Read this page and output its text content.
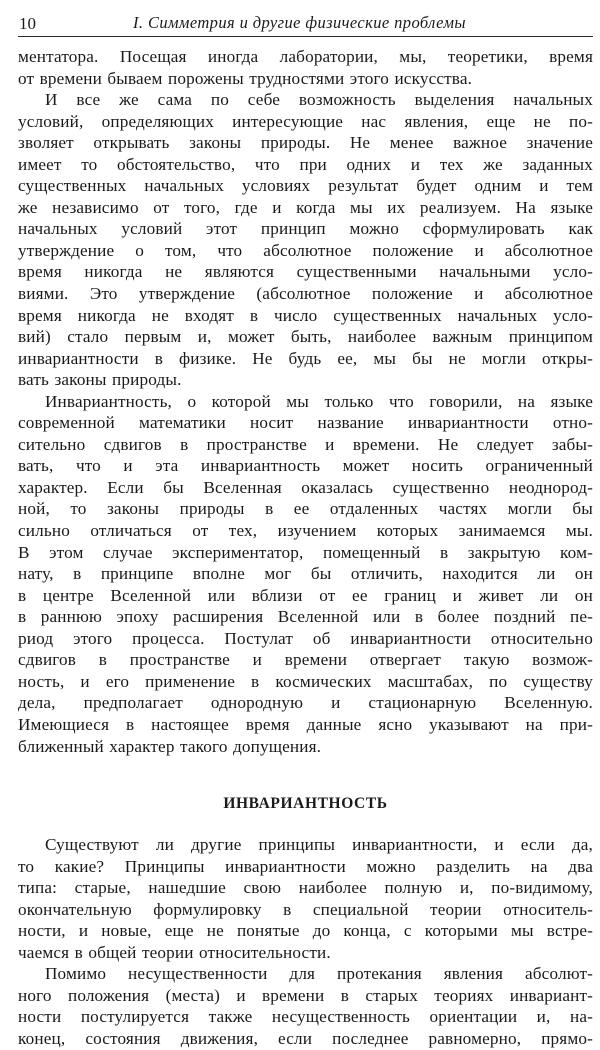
10	I. Симметрия и другие физические проблемы

ментатора. Посещая иногда лаборатории, мы, теоретики, время
от времени бываем порожены трудностями этого искусства.

И все же сама по себе возможность выделения начальных
условий, определяющих интересующие нас явления, еще не по-
зволяет открывать законы природы. Не менее важное значение
имеет то обстоятельство, что при одних и тех же заданных
существенных начальных условиях результат будет одним и тем
же независимо от того, где и когда мы их реализуем. На языке
начальных условий этот принцип можно сформулировать как
утверждение о том, что абсолютное положение и абсолютное
время никогда не являются существенными начальными усло-
виями. Это утверждение (абсолютное положение и абсолютное
время никогда не входят в число существенных начальных усло-
вий) стало первым и, может быть, наиболее важным принципом
инвариантности в физике. Не будь ее, мы бы не могли откры-
вать законы природы.

Инвариантность, о которой мы только что говорили, на языке
современной математики носит название инвариантности отно-
сительно сдвигов в пространстве и времени. Не следует забы-
вать, что и эта инвариантность может носить ограниченный
характер. Если бы Вселенная оказалась существенно неоднород-
ной, то законы природы в ее отдаленных частях могли бы
сильно отличаться от тех, изучением которых занимаемся мы.
В этом случае экспериментатор, помещенный в закрытую ком-
нату, в принципе вполне мог бы отличить, находится ли он
в центре Вселенной или вблизи от ее границ и живет ли он
в раннюю эпоху расширения Вселенной или в более поздний пе-
риод этого процесса. Постулат об инвариантности относительно
сдвигов в пространстве и времени отвергает такую возмож-
ность, и его применение в космических масштабах, по существу
дела, предполагает однородную и стационарную Вселенную.
Имеющиеся в настоящее время данные ясно указывают на при-
ближенный характер такого допущения.

ИНВАРИАНТНОСТЬ

Существуют ли другие принципы инвариантности, и если да,
то какие? Принципы инвариантности можно разделить на два
типа: старые, нашедшие свою наиболее полную и, по-видимому,
окончательную формулировку в специальной теории относитель-
ности, и новые, еще не понятые до конца, с которыми мы встре-
чаемся в общей теории относительности.

Помимо несущественности для протекания явления абсолют-
ного положения (места) и времени в старых теориях инвариант-
ности постулируется также несущественность ориентации и, на-
конец, состояния движения, если последнее равномерно, прямо-
